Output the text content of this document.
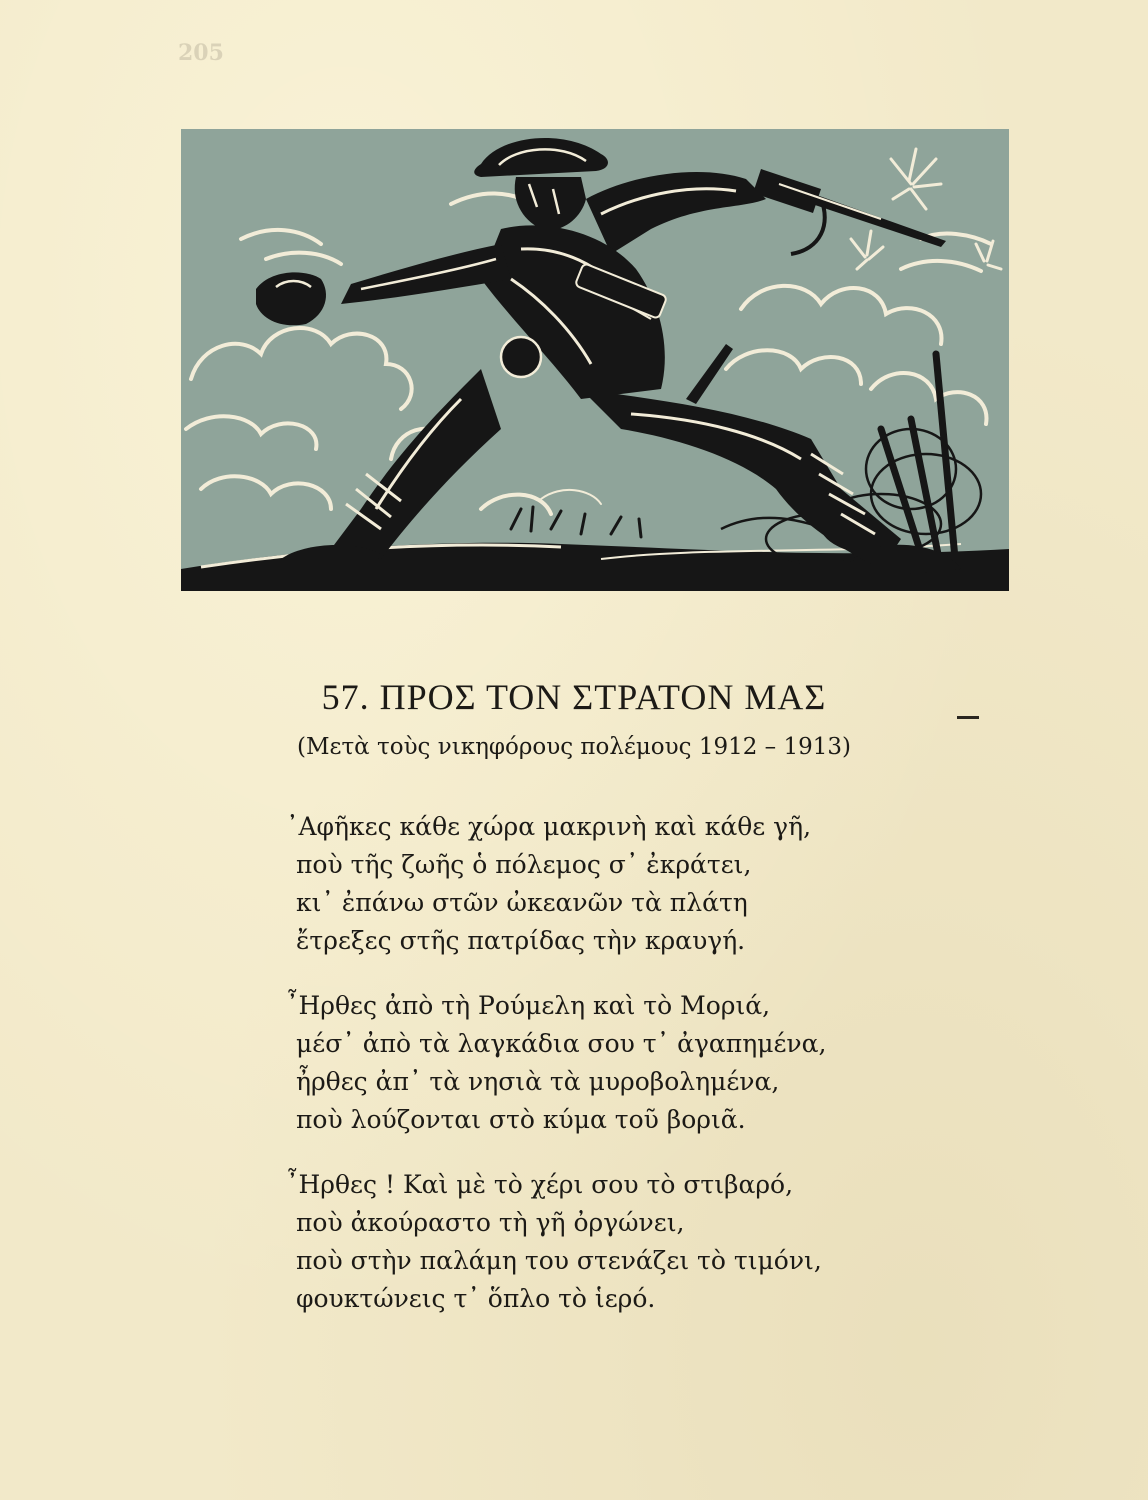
205
57. ΠΡΟΣ ΤΟΝ ΣΤΡΑΤΟΝ ΜΑΣ
(Μετὰ τοὺς νικηφόρους πολέμους 1912 – 1913)

᾿Αφῆκες κάθε χώρα μακρινὴ καὶ κάθε γῆ,
ποὺ τῆς ζωῆς ὁ πόλεμος σ᾿ ἐκράτει,
κι᾿ ἐπάνω στῶν ὠκεανῶν τὰ πλάτη
ἔτρεξες στῆς πατρίδας τὴν κραυγή.

῏Ηρθες ἀπὸ τὴ Ρούμελη καὶ τὸ Μοριά,
μέσ᾿ ἀπὸ τὰ λαγκάδια σου τ᾿ ἀγαπημένα,
ἦρθες ἀπ᾿ τὰ νησιὰ τὰ μυροβολημένα,
ποὺ λούζονται στὸ κύμα τοῦ βοριᾶ.

῏Ηρθες ! Καὶ μὲ τὸ χέρι σου τὸ στιβαρό,
ποὺ ἀκούραστο τὴ γῆ ὀργώνει,
ποὺ στὴν παλάμη του στενάζει τὸ τιμόνι,
φουκτώνεις τ᾿ ὅπλο τὸ ἱερό.
